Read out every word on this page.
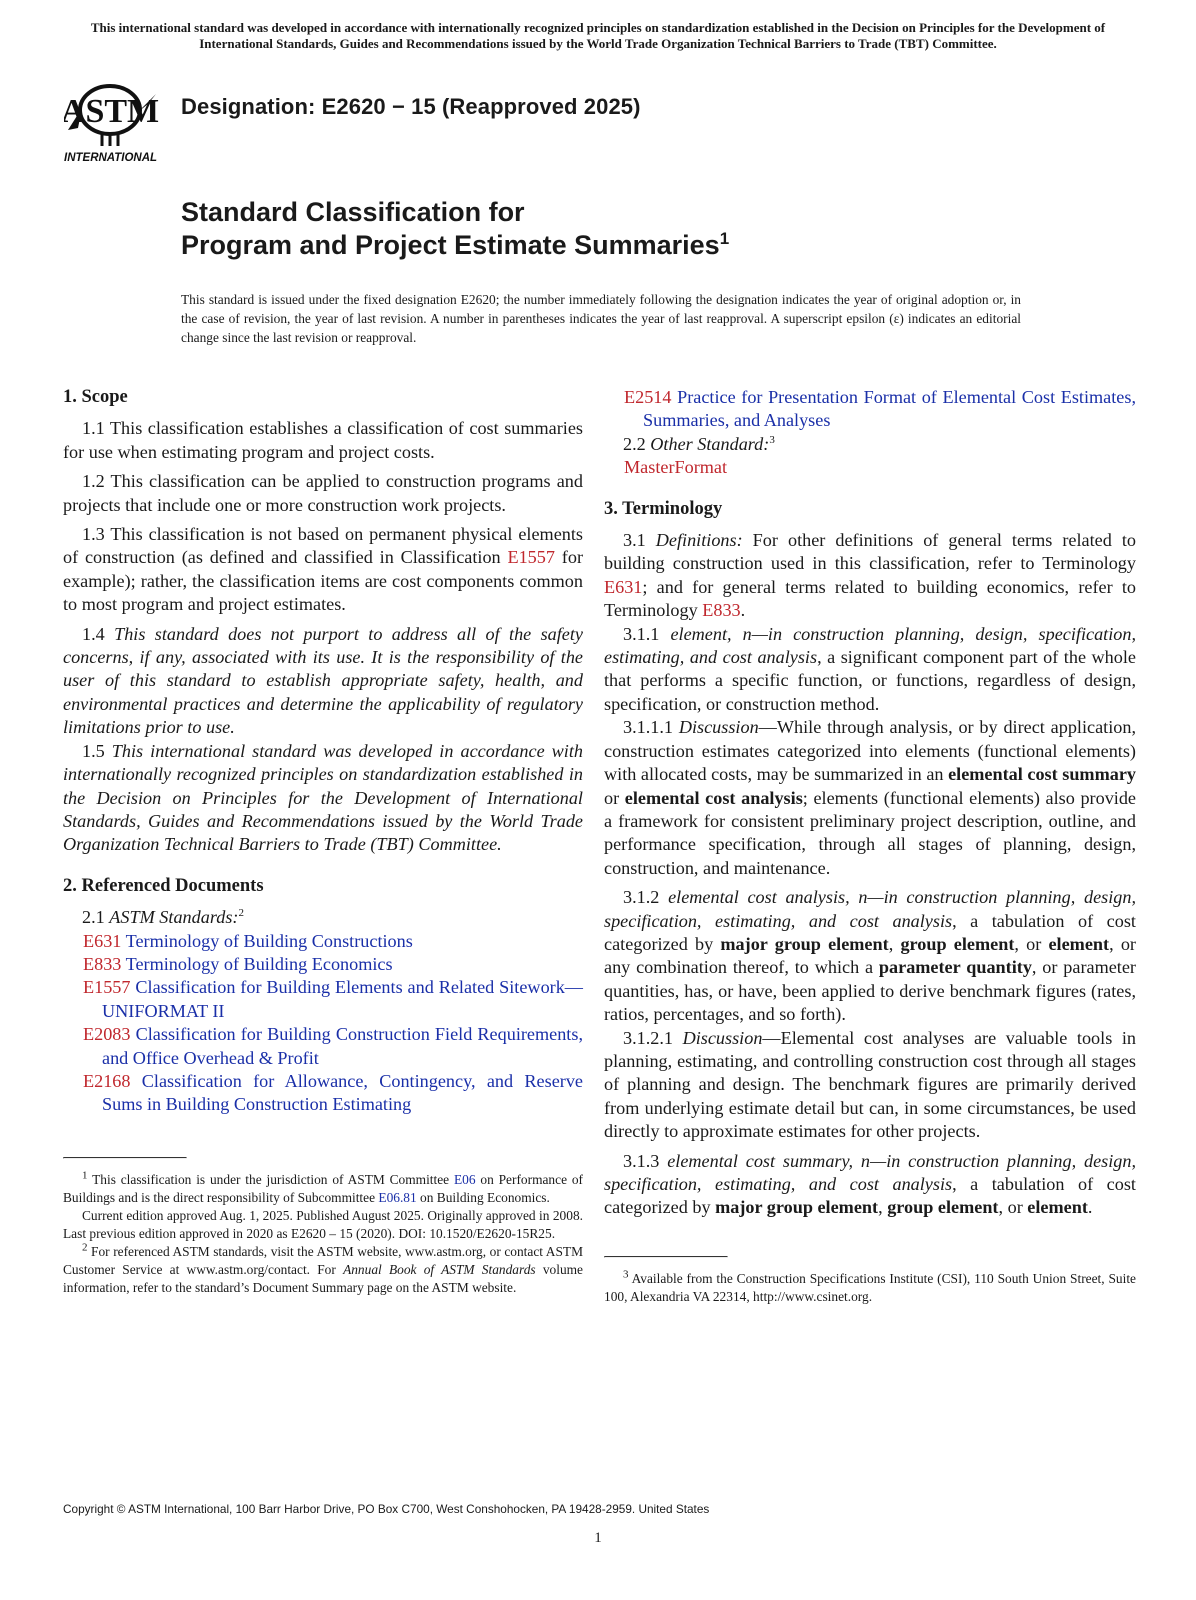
This international standard was developed in accordance with internationally recognized principles on standardization established in the Decision on Principles for the Development of International Standards, Guides and Recommendations issued by the World Trade Organization Technical Barriers to Trade (TBT) Committee.
ASTM
INTERNATIONAL
Designation: E2620 − 15 (Reapproved 2025)
Standard Classification for
Program and Project Estimate Summaries$^1$
This standard is issued under the fixed designation E2620; the number immediately following the designation indicates the year of original adoption or, in the case of revision, the year of last revision. A number in parentheses indicates the year of last reapproval. A superscript epsilon (ε) indicates an editorial change since the last revision or reapproval.
1. Scope

1.1 This classification establishes a classification of cost summaries for use when estimating program and project costs.

1.2 This classification can be applied to construction programs and projects that include one or more construction work projects.

1.3 This classification is not based on permanent physical elements of construction (as defined and classified in Classification E1557 for example); rather, the classification items are cost components common to most program and project estimates.

1.4 This standard does not purport to address all of the safety concerns, if any, associated with its use. It is the responsibility of the user of this standard to establish appropriate safety, health, and environmental practices and determine the applicability of regulatory limitations prior to use.

1.5 This international standard was developed in accordance with internationally recognized principles on standardization established in the Decision on Principles for the Development of International Standards, Guides and Recommendations issued by the World Trade Organization Technical Barriers to Trade (TBT) Committee.

2. Referenced Documents

2.1 ASTM Standards:$^2$

E631 Terminology of Building Constructions

E833 Terminology of Building Economics

E1557 Classification for Building Elements and Related Sitework—UNIFORMAT II

E2083 Classification for Building Construction Field Requirements, and Office Overhead & Profit

E2168 Classification for Allowance, Contingency, and Reserve Sums in Building Construction Estimating

$^1$ This classification is under the jurisdiction of ASTM Committee E06 on Performance of Buildings and is the direct responsibility of Subcommittee E06.81 on Building Economics.

Current edition approved Aug. 1, 2025. Published August 2025. Originally approved in 2008. Last previous edition approved in 2020 as E2620 – 15 (2020). DOI: 10.1520/E2620-15R25.

$^2$ For referenced ASTM standards, visit the ASTM website, www.astm.org, or contact ASTM Customer Service at www.astm.org/contact. For Annual Book of ASTM Standards volume information, refer to the standard’s Document Summary page on the ASTM website.

E2514 Practice for Presentation Format of Elemental Cost Estimates, Summaries, and Analyses

2.2 Other Standard:$^3$

MasterFormat

3. Terminology

3.1 Definitions: For other definitions of general terms related to building construction used in this classification, refer to Terminology E631; and for general terms related to building economics, refer to Terminology E833.

3.1.1 element, n—in construction planning, design, specification, estimating, and cost analysis, a significant component part of the whole that performs a specific function, or functions, regardless of design, specification, or construction method.

3.1.1.1 Discussion—While through analysis, or by direct application, construction estimates categorized into elements (functional elements) with allocated costs, may be summarized in an elemental cost summary or elemental cost analysis; elements (functional elements) also provide a framework for consistent preliminary project description, outline, and performance specification, through all stages of planning, design, construction, and maintenance.

3.1.2 elemental cost analysis, n—in construction planning, design, specification, estimating, and cost analysis, a tabulation of cost categorized by major group element, group element, or element, or any combination thereof, to which a parameter quantity, or parameter quantities, has, or have, been applied to derive benchmark figures (rates, ratios, percentages, and so forth).

3.1.2.1 Discussion—Elemental cost analyses are valuable tools in planning, estimating, and controlling construction cost through all stages of planning and design. The benchmark figures are primarily derived from underlying estimate detail but can, in some circumstances, be used directly to approximate estimates for other projects.

3.1.3 elemental cost summary, n—in construction planning, design, specification, estimating, and cost analysis, a tabulation of cost categorized by major group element, group element, or element.

$^3$ Available from the Construction Specifications Institute (CSI), 110 South Union Street, Suite 100, Alexandria VA 22314, http://www.csinet.org.

Copyright © ASTM International, 100 Barr Harbor Drive, PO Box C700, West Conshohocken, PA 19428-2959. United States
1
